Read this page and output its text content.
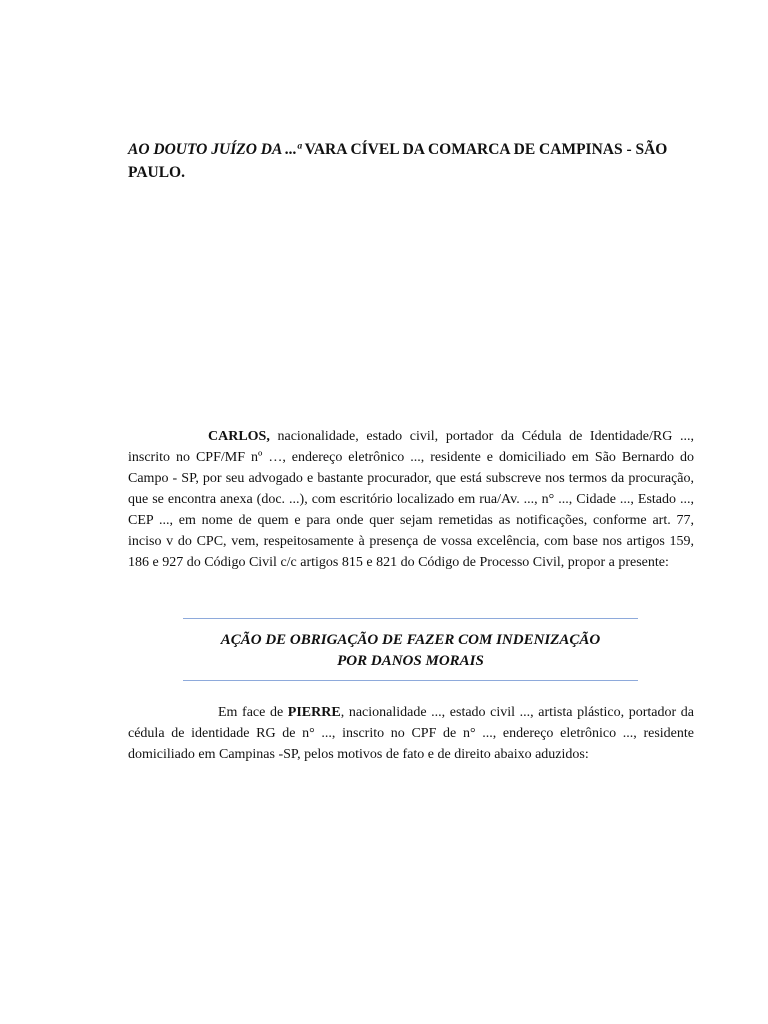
AO DOUTO JUÍZO DA ...ª VARA CÍVEL DA COMARCA DE CAMPINAS - SÃO PAULO.

CARLOS, nacionalidade, estado civil, portador da Cédula de Identidade/RG ..., inscrito no CPF/MF nº …, endereço eletrônico ..., residente e domiciliado em São Bernardo do Campo - SP, por seu advogado e bastante procurador, que está subscreve nos termos da procuração, que se encontra anexa (doc. ...), com escritório localizado em rua/Av. ..., n° ..., Cidade ..., Estado ..., CEP ..., em nome de quem e para onde quer sejam remetidas as notificações, conforme art. 77, inciso v do CPC, vem, respeitosamente à presença de vossa excelência, com base nos artigos 159, 186 e 927 do Código Civil c/c artigos 815 e 821 do Código de Processo Civil, propor a presente:

AÇÃO DE OBRIGAÇÃO DE FAZER COM INDENIZAÇÃO
POR DANOS MORAIS

Em face de PIERRE, nacionalidade ..., estado civil ..., artista plástico, portador da cédula de identidade RG de n° ..., inscrito no CPF de n° ..., endereço eletrônico ..., residente domiciliado em Campinas -SP, pelos motivos de fato e de direito abaixo aduzidos:
